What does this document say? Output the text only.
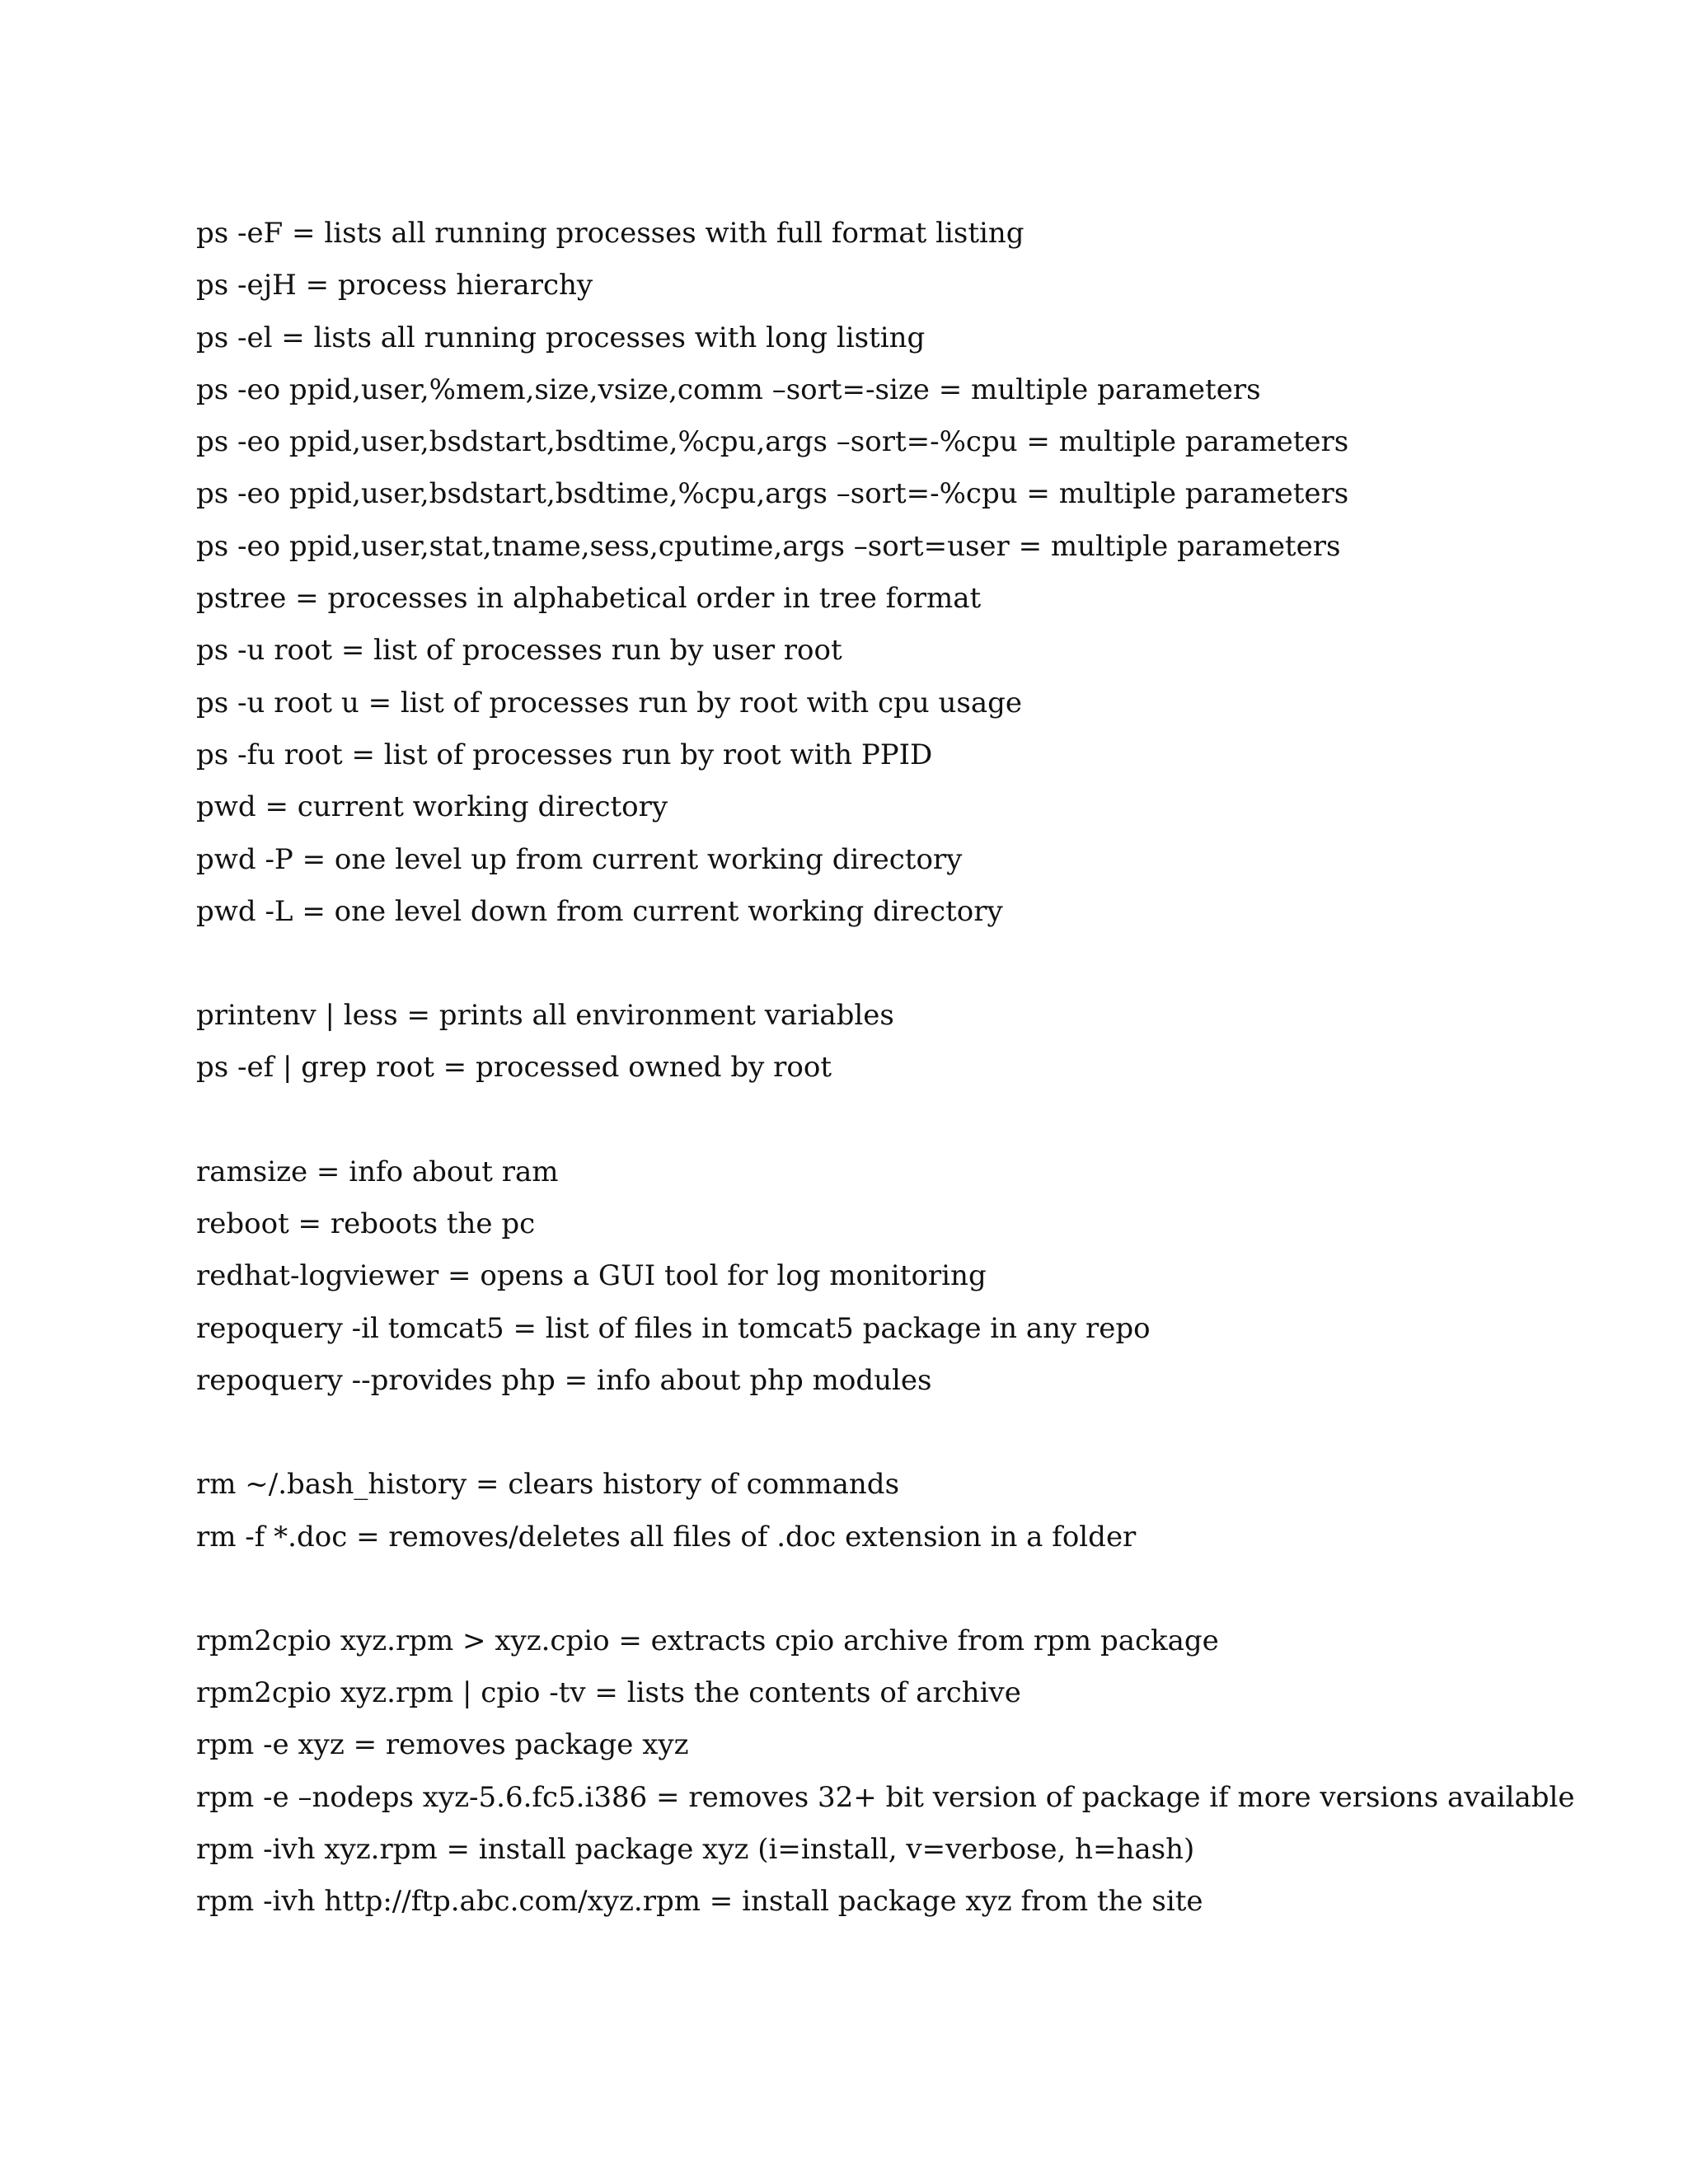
ps -eF = lists all running processes with full format listing
ps -ejH = process hierarchy
ps -el = lists all running processes with long listing
ps -eo ppid,user,%mem,size,vsize,comm –sort=-size = multiple parameters
ps -eo ppid,user,bsdstart,bsdtime,%cpu,args –sort=-%cpu = multiple parameters
ps -eo ppid,user,bsdstart,bsdtime,%cpu,args –sort=-%cpu = multiple parameters
ps -eo ppid,user,stat,tname,sess,cputime,args –sort=user = multiple parameters
pstree = processes in alphabetical order in tree format
ps -u root = list of processes run by user root
ps -u root u = list of processes run by root with cpu usage
ps -fu root = list of processes run by root with PPID
pwd = current working directory
pwd -P = one level up from current working directory
pwd -L = one level down from current working directory
printenv | less = prints all environment variables
ps -ef | grep root = processed owned by root
ramsize = info about ram
reboot = reboots the pc
redhat-logviewer = opens a GUI tool for log monitoring
repoquery -il tomcat5 = list of files in tomcat5 package in any repo
repoquery --provides php = info about php modules
rm ~/.bash_history = clears history of commands
rm -f *.doc = removes/deletes all files of .doc extension in a folder
rpm2cpio xyz.rpm > xyz.cpio = extracts cpio archive from rpm package
rpm2cpio xyz.rpm | cpio -tv = lists the contents of archive
rpm -e xyz = removes package xyz
rpm -e –nodeps xyz-5.6.fc5.i386 = removes 32+ bit version of package if more versions available
rpm -ivh xyz.rpm = install package xyz (i=install, v=verbose, h=hash)
rpm -ivh http://ftp.abc.com/xyz.rpm = install package xyz from the site
